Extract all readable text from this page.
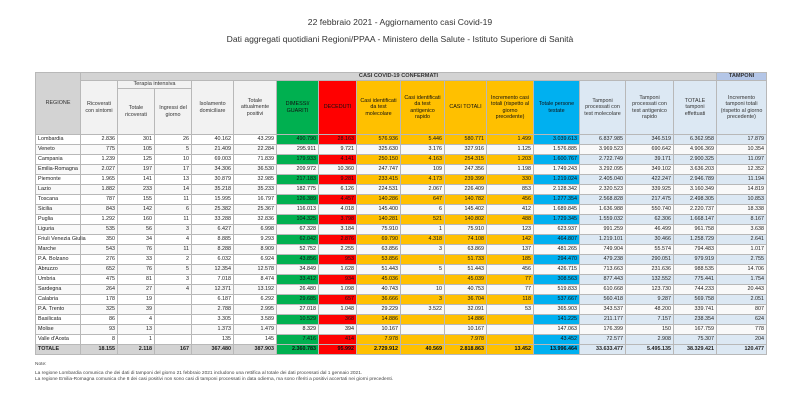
22 febbraio 2021 - Aggiornamento casi Covid-19
Dati aggregati quotidiani Regioni/PPAA - Ministero della Salute - Istituto Superiore di Sanità
REGIONE	CASI COVID-19 CONFERMATI															TAMPONI
	Ricoverati con sintomi	Terapia intensiva		Isolamento domiciliare	Totale attualmente positivi	DIMESSI/ GUARITI	DECEDUTI	Casi identificati da test molecolare	Casi identificati da test antigenico rapido	CASI TOTALI	Incremento casi totali (rispetto al giorno precedente)	Totale persone testate	Tamponi processati con test molecolare	Tamponi processati con test antigenico rapido	TOTALE tamponi effettuati	Incremento tamponi totali (rispetto al giorno precedente)
		Totale ricoverati	Ingressi del giorno													
Lombardia	2.836	301	26	40.162	43.299	490.790	28.163	576.936	5.446	580.771	1.499	3.039.613	6.837.985	346.519	6.362.958	17.879
Veneto	775	105	5	21.409	22.284	295.911	9.721	325.630	3.176	327.916	1.125	1.576.885	3.969.523	690.642	4.906.369	10.354
Campania	1.239	125	10	69.003	71.839	179.933	4.141	250.150	4.163	254.315	1.203	1.600.767	2.722.749	39.171	2.900.325	11.097
Emilia-Romagna	2.027	197	17	34.306	36.530	209.972	10.360	247.747	109	247.356	1.198	1.749.243	3.292.095	349.102	3.636.203	12.352
Piemonte	1.965	141	13	30.879	32.985	217.183	9.281	233.415	4.173	239.399	330	1.219.024	2.405.040	422.247	2.946.789	11.194
Lazio	1.882	233	14	35.218	35.233	182.775	6.126	224.531	2.067	226.409	853	2.128.342	2.320.523	339.925	3.160.349	14.819
Toscana	787	155	11	15.995	16.797	126.389	4.457	140.286	647	140.782	456	1.277.354	2.568.828	217.475	2.498.305	10.853
Sicilia	843	142	6	25.382	25.367	116.013	4.018	145.400	6	145.402	412	1.689.845	1.636.988	550.740	2.220.737	18.338
Puglia	1.292	160	11	33.288	32.836	104.325	3.798	140.281	521	140.802	488	1.729.345	1.559.032	62.306	1.668.147	8.167
Liguria	535	56	3	6.427	6.998	67.328	3.184	75.910	1	75.910	123	623.937	991.259	46.499	961.758	3.638
Friuli Venezia Giulia	350	34	4	8.885	9.293	62.042	2.876	69.790	4.318	74.108	142	464.807	1.219.101	30.466	1.258.729	2.641
Marche	543	76	11	8.288	8.909	52.752	2.255	63.856	3	63.869	137	481.265	749.904	55.574	794.483	1.017
P.A. Bolzano	276	33	2	6.032	6.924	43.856	953	53.856		51.733	185	294.470	479.238	290.051	979.919	2.755
Abruzzo	652	76	5	12.354	12.578	34.849	1.628	51.443	5	51.443	456	426.715	713.663	231.636	988.535	14.706
Umbria	475	81	3	7.018	8.474	33.412	934	45.036		45.039	77	308.563	877.443	132.552	775.441	1.754
Sardegna	264	27	4	12.371	13.192	26.480	1.098	40.743	10	40.753	77	519.833	610.668	123.730	744.233	20.443
Calabria	178	19		6.187	6.292	29.685	657	36.666	3	36.704	118	537.667	560.418	9.287	569.758	2.051
P.A. Trento	325	39		2.788	2.995	27.018	1.048	29.229	3.522	32.091	53	365.903	343.537	48.200	339.741	807
Basilicata	86	4		3.305	3.589	10.529	368	14.886		14.886		141.225	211.177	7.157	238.354	624
Molise	93	13		1.373	1.479	8.329	394	10.167		10.167		147.063	176.399	150	167.759	778
Valle d'Aosta	8	1		135	145	7.416	414	7.978		7.978		43.452	72.577	2.908	75.307	204
TOTALE	18.155	2.118	167	367.480	387.903	2.360.783	95.992	2.729.912	40.569	2.818.863	13.452	13.996.464	33.633.477	5.495.135	38.329.421	120.477
Note:
La regione Lombardia comunica che dei dati di tamponi del giorno 21 febbraio 2021 includono una rettifica al totale dei dati processati dal 1 gennaio 2021.
La regione Emilia-Romagna comunica che 8 dei casi positivi non sono casi di tamponi processati in data odierna, ma sono riferiti a positivi accertati nei giorni precedenti.
